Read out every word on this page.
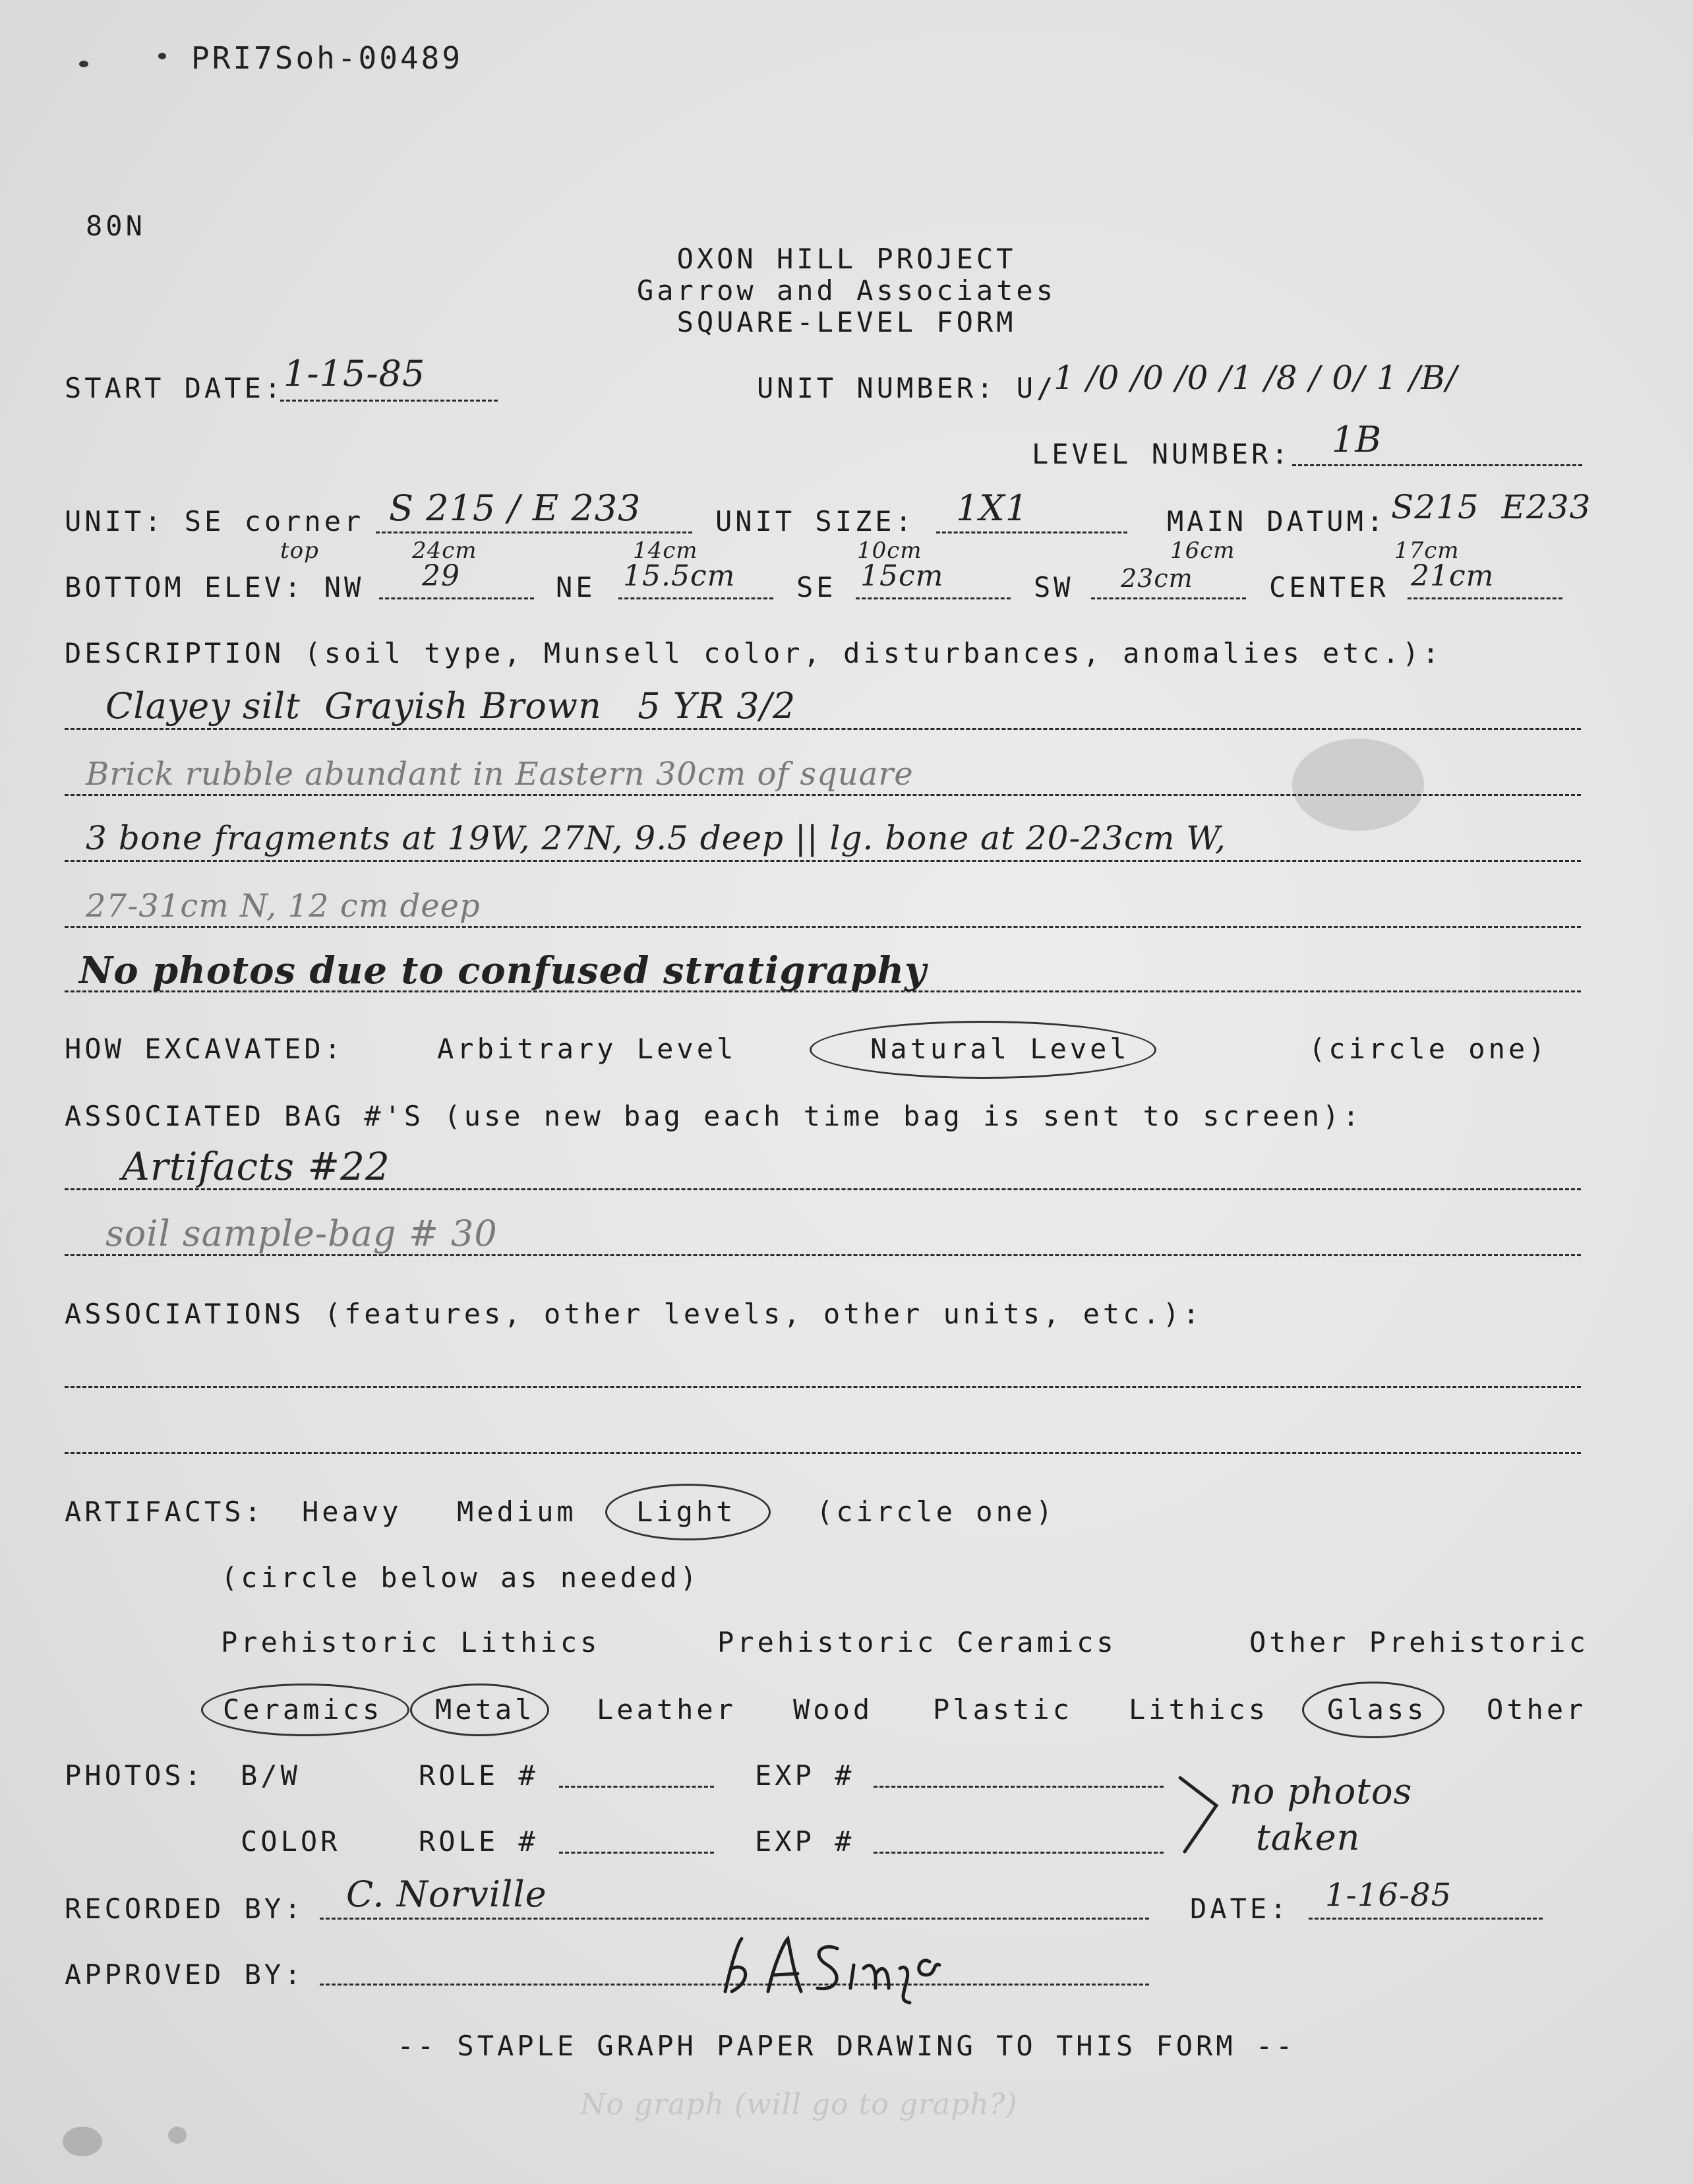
PRI7Soh-00489
80N
OXON HILL PROJECT
Garrow and Associates
SQUARE-LEVEL FORM
START DATE:
1-15-85	UNIT NUMBER: U/
1 /0 /0 /0 /1 /8 / 0/ 1 /B/
LEVEL NUMBER: 1B
UNIT: SE corner S 215 / E 233	UNIT SIZE: 1X1	MAIN DATUM: S215  E233
top	24cm	14cm	10cm	16cm	17cm
BOTTOM ELEV: NW 29	NE 15.5cm SE 15cm	SW 23cm	CENTER 21cm
DESCRIPTION (soil type, Munsell color, disturbances, anomalies etc.):
Clayey silt  Grayish Brown   5 YR 3/2
Brick rubble abundant in Eastern 30cm of square
3 bone fragments at 19W, 27N, 9.5 deep || lg. bone at 20-23cm W,
27-31cm N, 12 cm deep
No photos due to confused stratigraphy
HOW EXCAVATED:	Arbitrary Level	Natural Level	(circle one)
ASSOCIATED BAG #'S (use new bag each time bag is sent to screen):
Artifacts #22
soil sample-bag # 30
ASSOCIATIONS (features, other levels, other units, etc.):
ARTIFACTS: Heavy Medium Light	(circle one)
(circle below as needed)
Prehistoric Lithics	Prehistoric Ceramics	Other Prehistoric
Ceramics Metal Leather Wood Plastic Lithics Glass Other
PHOTOS: B/W	ROLE #	EXP #
COLOR	ROLE #	EXP #
no photos
taken
RECORDED BY: C. Norville	DATE: 1-16-85
APPROVED BY:
-- STAPLE GRAPH PAPER DRAWING TO THIS FORM --
No graph (will go to graph?)
